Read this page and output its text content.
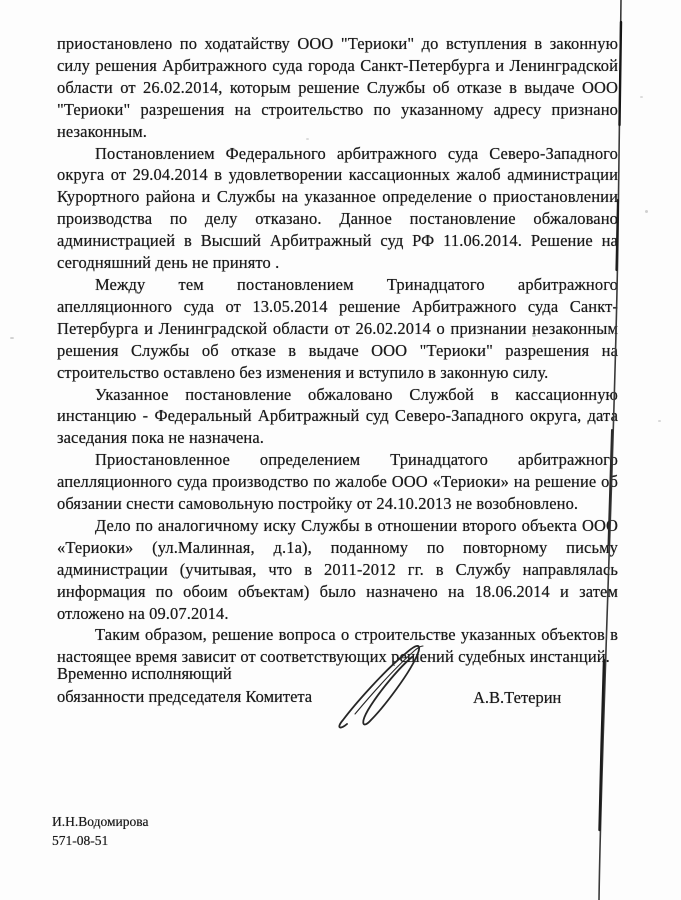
приостановлено по ходатайству ООО "Териоки" до вступления в законную силу решения Арбитражного суда города Санкт-Петербурга и Ленинградской области от 26.02.2014, которым решение Службы об отказе в выдаче ООО "Териоки" разрешения на строительство по указанному адресу признано незаконным.

Постановлением Федерального арбитражного суда Северо-Западного округа от 29.04.2014 в удовлетворении кассационных жалоб администрации Курортного района и Службы на указанное определение о приостановлении производства по делу отказано. Данное постановление обжаловано администрацией в Высший Арбитражный суд РФ 11.06.2014. Решение на сегодняшний день не принято .

Между тем постановлением Тринадцатого арбитражного апелляционного суда от 13.05.2014 решение Арбитражного суда Санкт-Петербурга и Ленинградской области от 26.02.2014 о признании незаконным решения Службы об отказе в выдаче ООО "Териоки" разрешения на строительство оставлено без изменения и вступило в законную силу.

Указанное постановление обжаловано Службой в кассационную инстанцию - Федеральный Арбитражный суд Северо-Западного округа, дата заседания пока не назначена.

Приостановленное определением Тринадцатого арбитражного апелляционного суда производство по жалобе ООО «Териоки» на решение об обязании снести самовольную постройку от 24.10.2013 не возобновлено.

Дело по аналогичному иску Службы в отношении второго объекта ООО «Териоки» (ул.Малинная, д.1а), поданному по повторному письму администрации (учитывая, что в 2011-2012 гг. в Службу направлялась информация по обоим объектам) было назначено на 18.06.2014 и затем отложено на 09.07.2014.

Таким образом, решение вопроса о строительстве указанных объектов в настоящее время зависит от соответствующих решений судебных инстанций.

Временно исполняющий
обязанности председателя Комитета	А.В.Тетерин
И.Н.Водомирова
571-08-51
